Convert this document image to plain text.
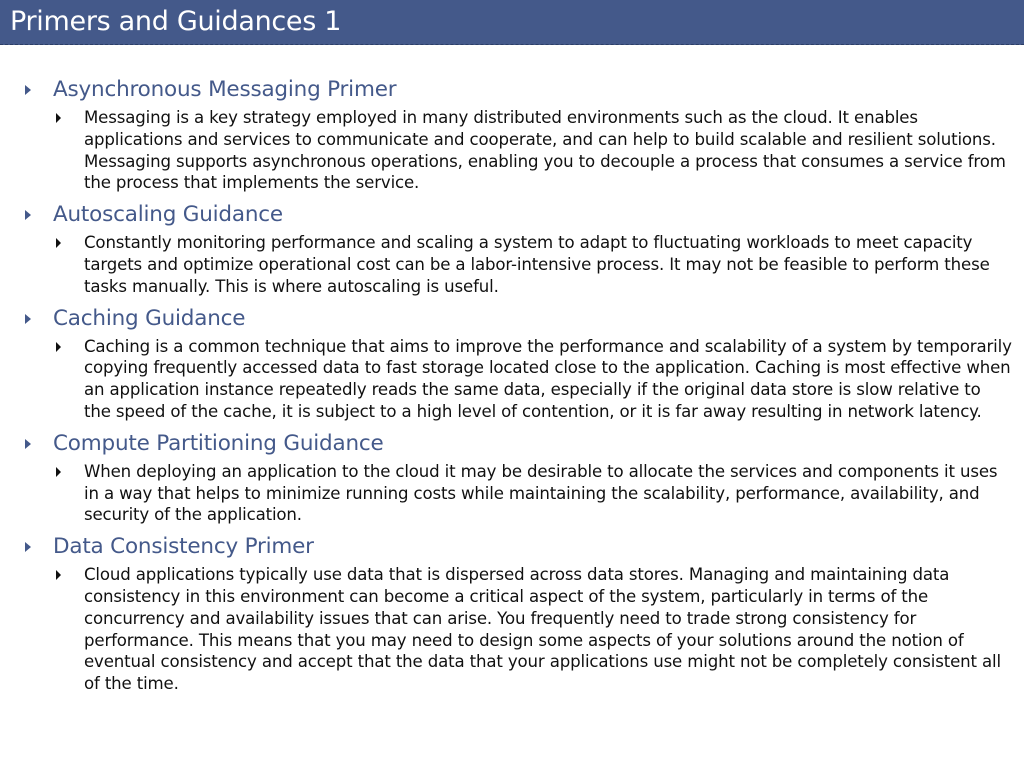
Primers and Guidances 1
Asynchronous Messaging Primer
Messaging is a key strategy employed in many distributed environments such as the cloud. It enables applications and services to communicate and cooperate, and can help to build scalable and resilient solutions. Messaging supports asynchronous operations, enabling you to decouple a process that consumes a service from the process that implements the service.
Autoscaling Guidance
Constantly monitoring performance and scaling a system to adapt to fluctuating workloads to meet capacity targets and optimize operational cost can be a labor-intensive process. It may not be feasible to perform these tasks manually. This is where autoscaling is useful.
Caching Guidance
Caching is a common technique that aims to improve the performance and scalability of a system by temporarily copying frequently accessed data to fast storage located close to the application. Caching is most effective when an application instance repeatedly reads the same data, especially if the original data store is slow relative to the speed of the cache, it is subject to a high level of contention, or it is far away resulting in network latency.
Compute Partitioning Guidance
When deploying an application to the cloud it may be desirable to allocate the services and components it uses in a way that helps to minimize running costs while maintaining the scalability, performance, availability, and security of the application.
Data Consistency Primer
Cloud applications typically use data that is dispersed across data stores. Managing and maintaining data consistency in this environment can become a critical aspect of the system, particularly in terms of the concurrency and availability issues that can arise. You frequently need to trade strong consistency for performance. This means that you may need to design some aspects of your solutions around the notion of eventual consistency and accept that the data that your applications use might not be completely consistent all of the time.
